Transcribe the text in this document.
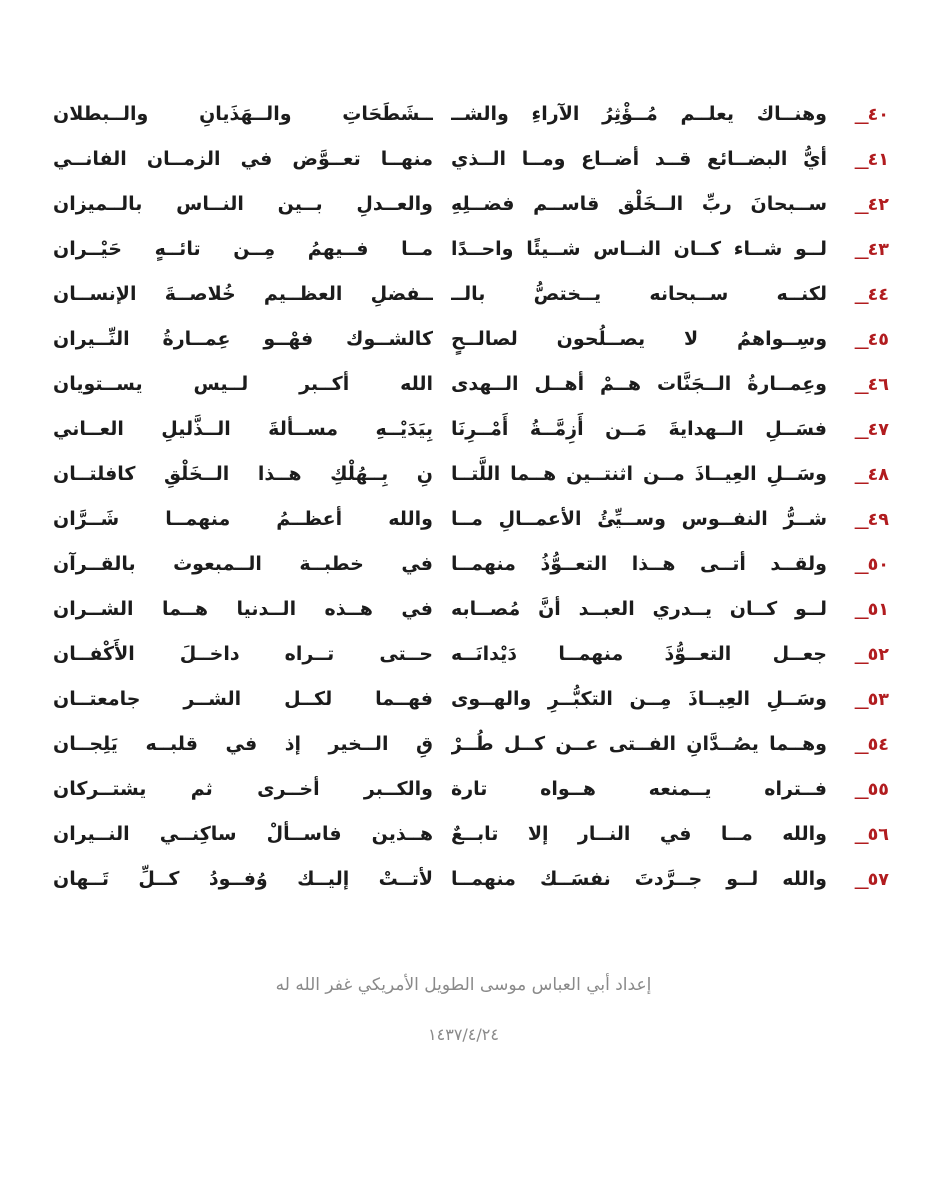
٤٠
__
وهنــاك يعلــم مُــؤْثِرُ الآراءِ والشــ
ــشَطَحَاتِ والــهَذَيانِ والــبطلان
٤١
__
أيُّ البضــائع قــد أضــاع ومــا الــذي
منهــا تعــوَّض في الزمــان الفانــي
٤٢
__
ســبحانَ ربِّ الــخَلْق قاســم فضــلِهِ
والعــدلِ بــين النــاس بالــميزان
٤٣
__
لــو شــاء كــان النــاس شــيئًا واحــدًا
مــا فــيهمُ مِــن تائــهٍ حَيْــران
٤٤
__
لكنــه ســبحانه يــختصُّ بالــ
ــفضلِ العظــيم خُلاصــةَ الإنســان
٤٥
__
وسِــواهمُ لا يصــلُحون لصالــحٍ
كالشــوك فهْــو عِمــارةُ النِّــيران
٤٦
__
وعِمــارةُ الــجَنَّات هــمْ أهــل الــهدى
الله أكــبر لــيس يســتويان
٤٧
__
فسَــلِ الــهدايةَ مَــن أَزِمَّــةُ أَمْــرِنَا
بِيَدَيْــهِ مســألةَ الــذَّليلِ العــاني
٤٨
__
وسَــلِ العِيــاذَ مــن اثنتــين هــما اللَّتــا
نِ بِــهُلْكِ هــذا الــخَلْقِ كافلتــان
٤٩
__
شــرُّ النفــوس وســيِّئُ الأعمــالِ مــا
والله أعظــمُ منهمــا شَــرَّان
٥٠
__
ولقــد أتــى هــذا التعــوُّذُ منهمــا
في خطبــة الــمبعوث بالقــرآن
٥١
__
لــو كــان يــدري العبــد أنَّ مُصــابه
في هــذه الــدنيا هــما الشــران
٥٢
__
جعــل التعــوُّذَ منهمــا دَيْدانَــه
حــتى تــراه داخــلَ الأَكْفــان
٥٣
__
وسَــلِ العِيــاذَ مِــن التكبُّــرِ والهــوى
فهــما لكــل الشــر جامعتــان
٥٤
__
وهــما يصُــدَّانِ الفــتى عــن كــل طُــرْ
قِ الــخير إذ في قلبــه يَلِجــان
٥٥
__
فــتراه يــمنعه هــواه تارة
والكــبر أخــرى ثم يشتــركان
٥٦
__
والله مــا في النــار إلا تابــعٌ
هــذين فاســألْ ساكِنــي النــيران
٥٧
__
والله لــو جــرَّدتَ نفسَــك منهمــا
لأتــتْ إليــك وُفــودُ كــلِّ تَــهان
إعداد أبي العباس موسى الطويل الأمريكي غفر الله له
١٤٣٧/٤/٢٤
